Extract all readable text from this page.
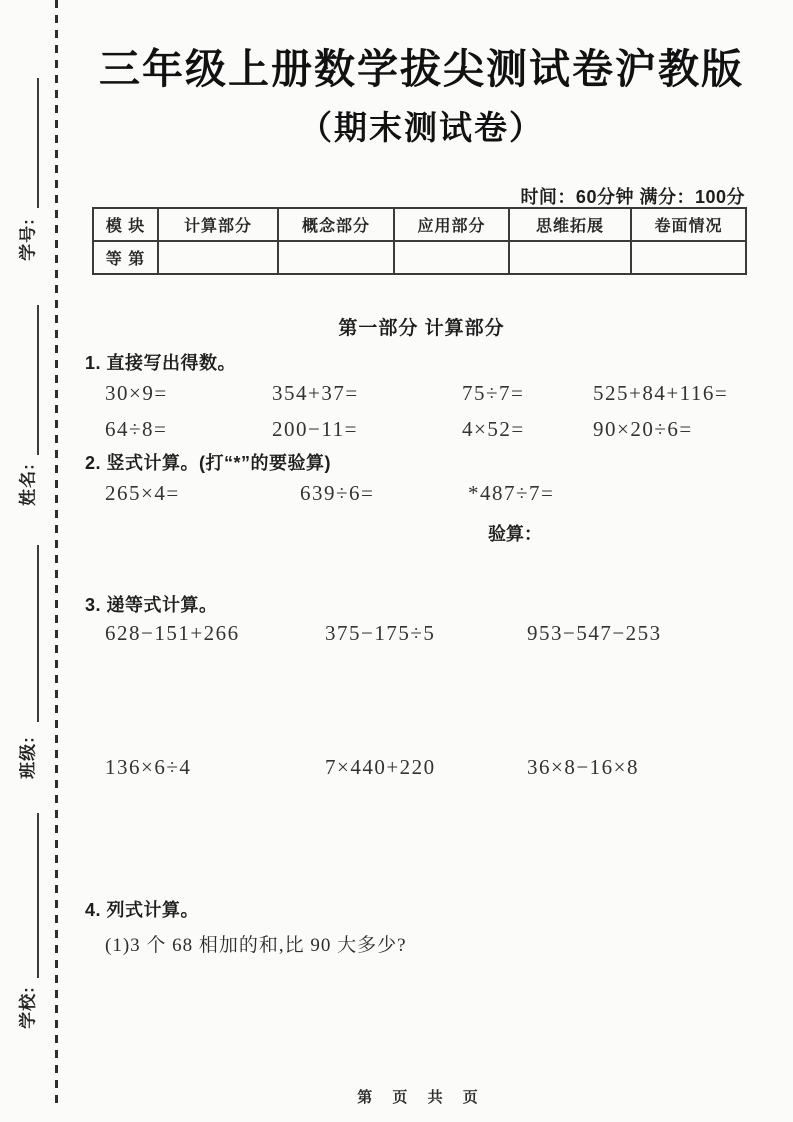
学号:
姓名:
班级:
学校:
三年级上册数学拔尖测试卷沪教版
（期末测试卷）
时间：60分钟 满分：100分
模 块	计算部分	概念部分	应用部分	思维拓展	卷面情况
等 第					
第一部分 计算部分
1. 直接写出得数。
30×9=	354+37=	75÷7=	525+84+116=
64÷8=	200−11=	4×52=	90×20÷6=
2. 竖式计算。(打“*”的要验算)
265×4=	639÷6=	*487÷7=
验算：
3. 递等式计算。
628−151+266	375−175÷5	953−547−253
136×6÷4	7×440+220	36×8−16×8
4. 列式计算。
(1)3 个 68 相加的和,比 90 大多少?
第 页 共 页
